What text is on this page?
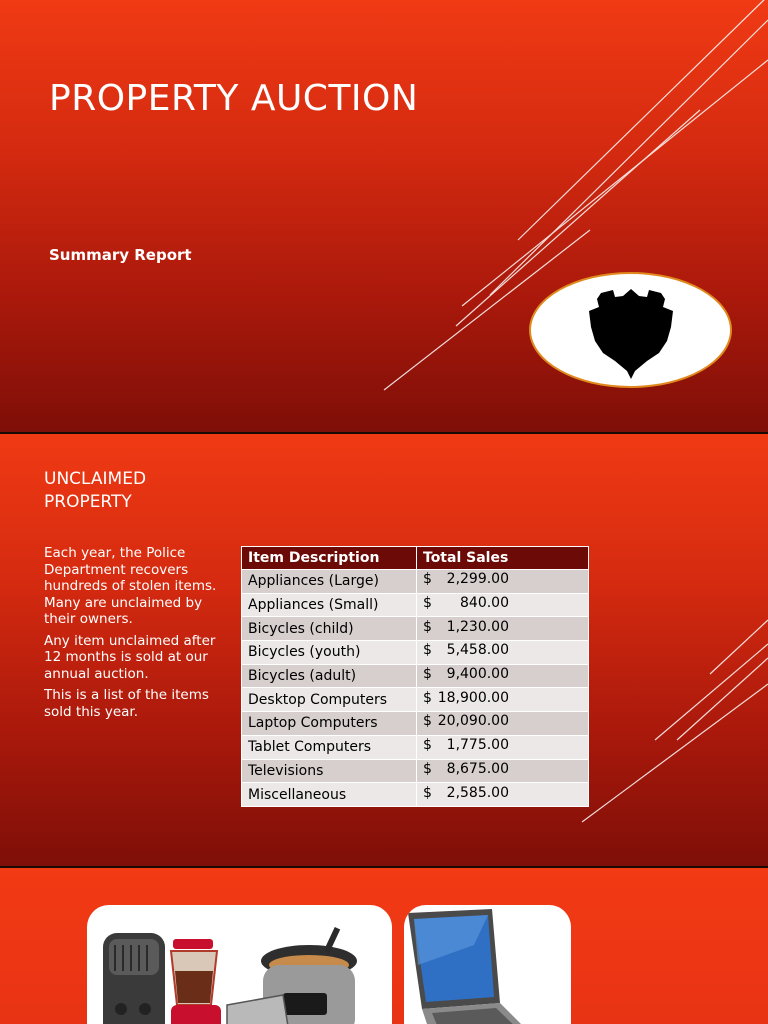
PROPERTY AUCTION
Summary Report
UNCLAIMED PROPERTY

Each year, the Police Department recovers hundreds of stolen items. Many are unclaimed by their owners.

Any item unclaimed after 12 months is sold at our annual auction.

This is a list of the items sold this year.

Item Description	Total Sales
Appliances (Large)	$ 2,299.00

Appliances (Small)	$ 840.00

Bicycles (child)	$ 1,230.00

Bicycles (youth)	$ 5,458.00

Bicycles (adult)	$ 9,400.00

Desktop Computers	$ 18,900.00

Laptop Computers	$ 20,090.00

Tablet Computers	$ 1,775.00

Televisions	$ 8,675.00

Miscellaneous	$ 2,585.00
